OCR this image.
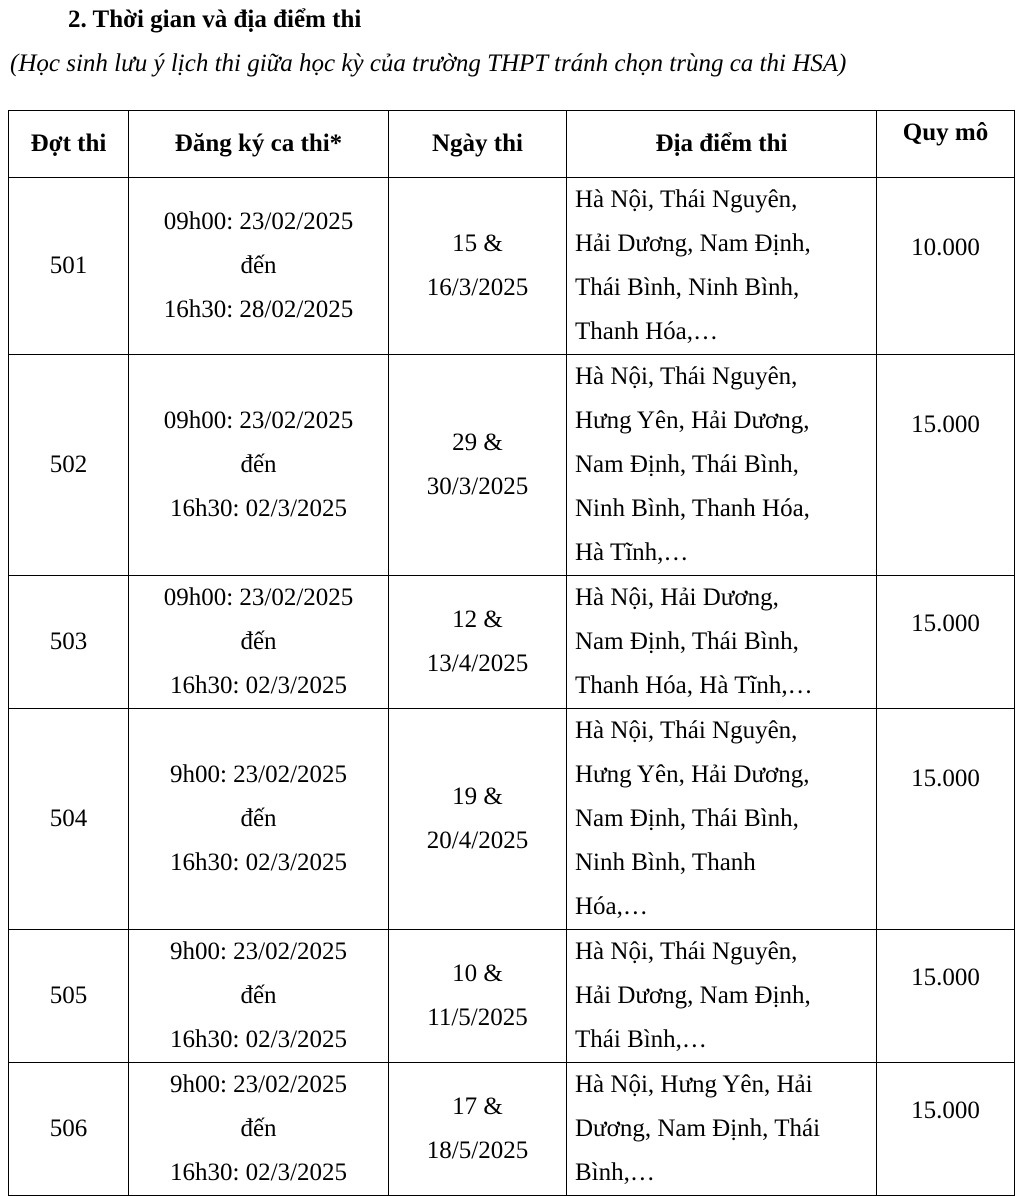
2. Thời gian và địa điểm thi
(Học sinh lưu ý lịch thi giữa học kỳ của trường THPT tránh chọn trùng ca thi HSA)
Đợt thi	Đăng ký ca thi*	Ngày thi	Địa điểm thi	Quy mô
501	09h00: 23/02/2025
đến
16h30: 28/02/2025	15 &
16/3/2025	Hà Nội, Thái Nguyên,
Hải Dương, Nam Định,
Thái Bình, Ninh Bình,
Thanh Hóa,…	10.000
502	09h00: 23/02/2025
đến
16h30: 02/3/2025	29 &
30/3/2025	Hà Nội, Thái Nguyên,
Hưng Yên, Hải Dương,
Nam Định, Thái Bình,
Ninh Bình, Thanh Hóa,
Hà Tĩnh,…	15.000
503	09h00: 23/02/2025
đến
16h30: 02/3/2025	12 &
13/4/2025	Hà Nội, Hải Dương,
Nam Định, Thái Bình,
Thanh Hóa, Hà Tĩnh,…	15.000
504	9h00: 23/02/2025
đến
16h30: 02/3/2025	19 &
20/4/2025	Hà Nội, Thái Nguyên,
Hưng Yên, Hải Dương,
Nam Định, Thái Bình,
Ninh Bình, Thanh
Hóa,…	15.000
505	9h00: 23/02/2025
đến
16h30: 02/3/2025	10 &
11/5/2025	Hà Nội, Thái Nguyên,
Hải Dương, Nam Định,
Thái Bình,…	15.000
506	9h00: 23/02/2025
đến
16h30: 02/3/2025	17 &
18/5/2025	Hà Nội, Hưng Yên, Hải
Dương, Nam Định, Thái
Bình,…	15.000
